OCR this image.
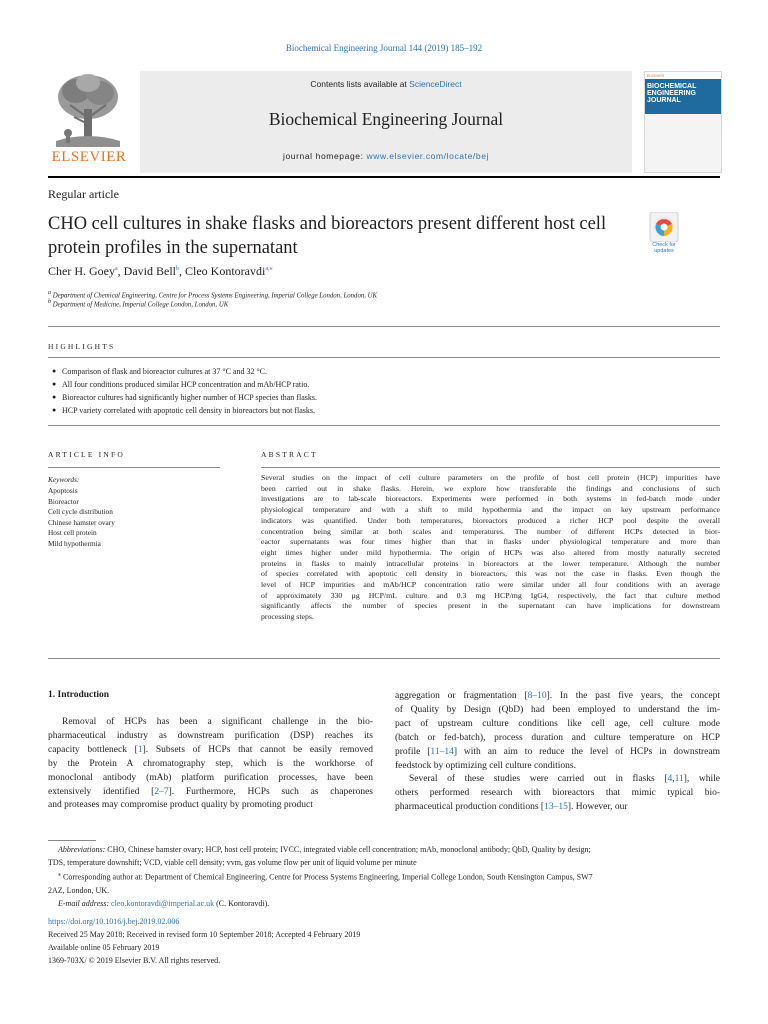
Biochemical Engineering Journal 144 (2019) 185–192
ELSEVIER
Contents lists available at ScienceDirect
Biochemical Engineering Journal
journal homepage: www.elsevier.com/locate/bej
ELSEVIER
BIOCHEMICAL ENGINEERING JOURNAL
Regular article
CHO cell cultures in shake flasks and bioreactors present different host cell protein profiles in the supernatant	Check for
updates
Cher H. Goey$^a$, David Bell$^b$, Cleo Kontoravdi$^{a,⁎}$
$^a$ Department of Chemical Engineering, Centre for Process Systems Engineering, Imperial College London, London, UK
$^b$ Department of Medicine, Imperial College London, London, UK
HIGHLIGHTS
● Comparison of flask and bioreactor cultures at 37 °C and 32 °C.
● All four conditions produced similar HCP concentration and mAb/HCP ratio.
● Bioreactor cultures had significantly higher number of HCP species than flasks.
● HCP variety correlated with apoptotic cell density in bioreactors but not flasks.
ARTICLE INFO
Keywords:
Apoptosis
Bioreactor
Cell cycle distribution
Chinese hamster ovary
Host cell protein
Mild hypothermia
ABSTRACT
Several studies on the impact of cell culture parameters on the profile of host cell protein (HCP) impurities have
been carried out in shake flasks. Herein, we explore how transferable the findings and conclusions of such
investigations are to lab-scale bioreactors. Experiments were performed in both systems in fed-batch mode under
physiological temperature and with a shift to mild hypothermia and the impact on key upstream performance
indicators was quantified. Under both temperatures, bioreactors produced a richer HCP pool despite the overall
concentration being similar at both scales and temperatures. The number of different HCPs detected in bior-
eactor supernatants was four times higher than that in flasks under physiological temperature and more than
eight times higher under mild hypothermia. The origin of HCPs was also altered from mostly naturally secreted
proteins in flasks to mainly intracellular proteins in bioreactors at the lower temperature. Although the number
of species correlated with apoptotic cell density in bioreactors, this was not the case in flasks. Even though the
level of HCP impurities and mAb/HCP concentration ratio were similar under all four conditions with an average
of approximately 330 µg HCP/mL culture and 0.3 mg HCP/mg IgG4, respectively, the fact that culture method
significantly affects the number of species present in the supernatant can have implications for downstream
processing steps.
1. Introduction
Removal of HCPs has been a significant challenge in the bio-
pharmaceutical industry as downstream purification (DSP) reaches its
capacity bottleneck [1]. Subsets of HCPs that cannot be easily removed
by the Protein A chromatography step, which is the workhorse of
monoclonal antibody (mAb) platform purification processes, have been
extensively identified [2–7]. Furthermore, HCPs such as chaperones
and proteases may compromise product quality by promoting product
aggregation or fragmentation [8–10]. In the past five years, the concept
of Quality by Design (QbD) had been employed to understand the im-
pact of upstream culture conditions like cell age, cell culture mode
(batch or fed-batch), process duration and culture temperature on HCP
profile [11–14] with an aim to reduce the level of HCPs in downstream
feedstock by optimizing cell culture conditions.
Several of these studies were carried out in flasks [4,11], while
others performed research with bioreactors that mimic typical bio-
pharmaceutical production conditions [13–15]. However, our
Abbreviations: CHO, Chinese hamster ovary; HCP, host cell protein; IVCC, integrated viable cell concentration; mAb, monoclonal antibody; QbD, Quality by design;
TDS, temperature downshift; VCD, viable cell density; vvm, gas volume flow per unit of liquid volume per minute
⁎ Corresponding author at: Department of Chemical Engineering, Centre for Process Systems Engineering, Imperial College London, South Kensington Campus, SW7
2AZ, London, UK.
E-mail address: cleo.kontoravdi@imperial.ac.uk (C. Kontoravdi).
https://doi.org/10.1016/j.bej.2019.02.006
Received 25 May 2018; Received in revised form 10 September 2018; Accepted 4 February 2019
Available online 05 February 2019
1369-703X/ © 2019 Elsevier B.V. All rights reserved.
